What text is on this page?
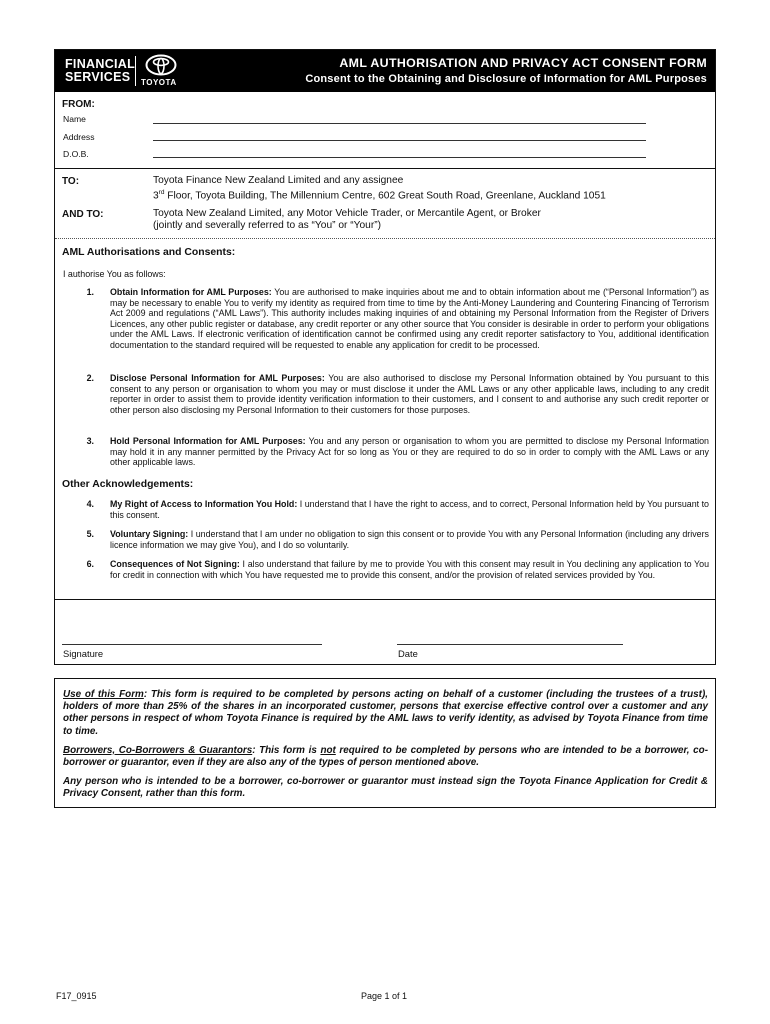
FINANCIAL
SERVICES	TOYOTA
AML AUTHORISATION AND PRIVACY ACT CONSENT FORM
Consent to the Obtaining and Disclosure of Information for AML Purposes
FROM:
Name
Address
D.O.B.
TO:	Toyota Finance New Zealand Limited and any assignee
3rd Floor, Toyota Building, The Millennium Centre, 602 Great South Road, Greenlane, Auckland 1051
AND TO:	Toyota New Zealand Limited, any Motor Vehicle Trader, or Mercantile Agent, or Broker
(jointly and severally referred to as “You” or “Your”)
AML Authorisations and Consents:
I authorise You as follows:
1. Obtain Information for AML Purposes: You are authorised to make inquiries about me and to obtain information about me (“Personal Information”) as may be necessary to enable You to verify my identity as required from time to time by the Anti-Money Laundering and Countering Financing of Terrorism Act 2009 and regulations (“AML Laws”). This authority includes making inquiries of and obtaining my Personal Information from the Register of Drivers Licences, any other public register or database, any credit reporter or any other source that You consider is desirable in order to perform your obligations under the AML Laws. If electronic verification of identification cannot be confirmed using any credit reporter satisfactory to You, additional identification documentation to the standard required will be requested to enable any application for credit to be processed.
2. Disclose Personal Information for AML Purposes: You are also authorised to disclose my Personal Information obtained by You pursuant to this consent to any person or organisation to whom you may or must disclose it under the AML Laws or any other applicable laws, including to any credit reporter in order to assist them to provide identity verification information to their customers, and I consent to and authorise any such credit reporter or other person also disclosing my Personal Information to their customers for those purposes.
3. Hold Personal Information for AML Purposes: You and any person or organisation to whom you are permitted to disclose my Personal Information may hold it in any manner permitted by the Privacy Act for so long as You or they are required to do so in order to comply with the AML Laws or any other applicable laws.
Other Acknowledgements:
4. My Right of Access to Information You Hold: I understand that I have the right to access, and to correct, Personal Information held by You pursuant to this consent.
5. Voluntary Signing: I understand that I am under no obligation to sign this consent or to provide You with any Personal Information (including any drivers licence information we may give You), and I do so voluntarily.
6. Consequences of Not Signing: I also understand that failure by me to provide You with this consent may result in You declining any application to You for credit in connection with which You have requested me to provide this consent, and/or the provision of related services provided by You.
Signature	Date

Use of this Form: This form is required to be completed by persons acting on behalf of a customer (including the trustees of a trust), holders of more than 25% of the shares in an incorporated customer, persons that exercise effective control over a customer and any other persons in respect of whom Toyota Finance is required by the AML laws to verify identity, as advised by Toyota Finance from time to time.

Borrowers, Co-Borrowers & Guarantors: This form is not required to be completed by persons who are intended to be a borrower, co-borrower or guarantor, even if they are also any of the types of person mentioned above.

Any person who is intended to be a borrower, co-borrower or guarantor must instead sign the Toyota Finance Application for Credit & Privacy Consent, rather than this form.

F17_0915	Page 1 of 1
